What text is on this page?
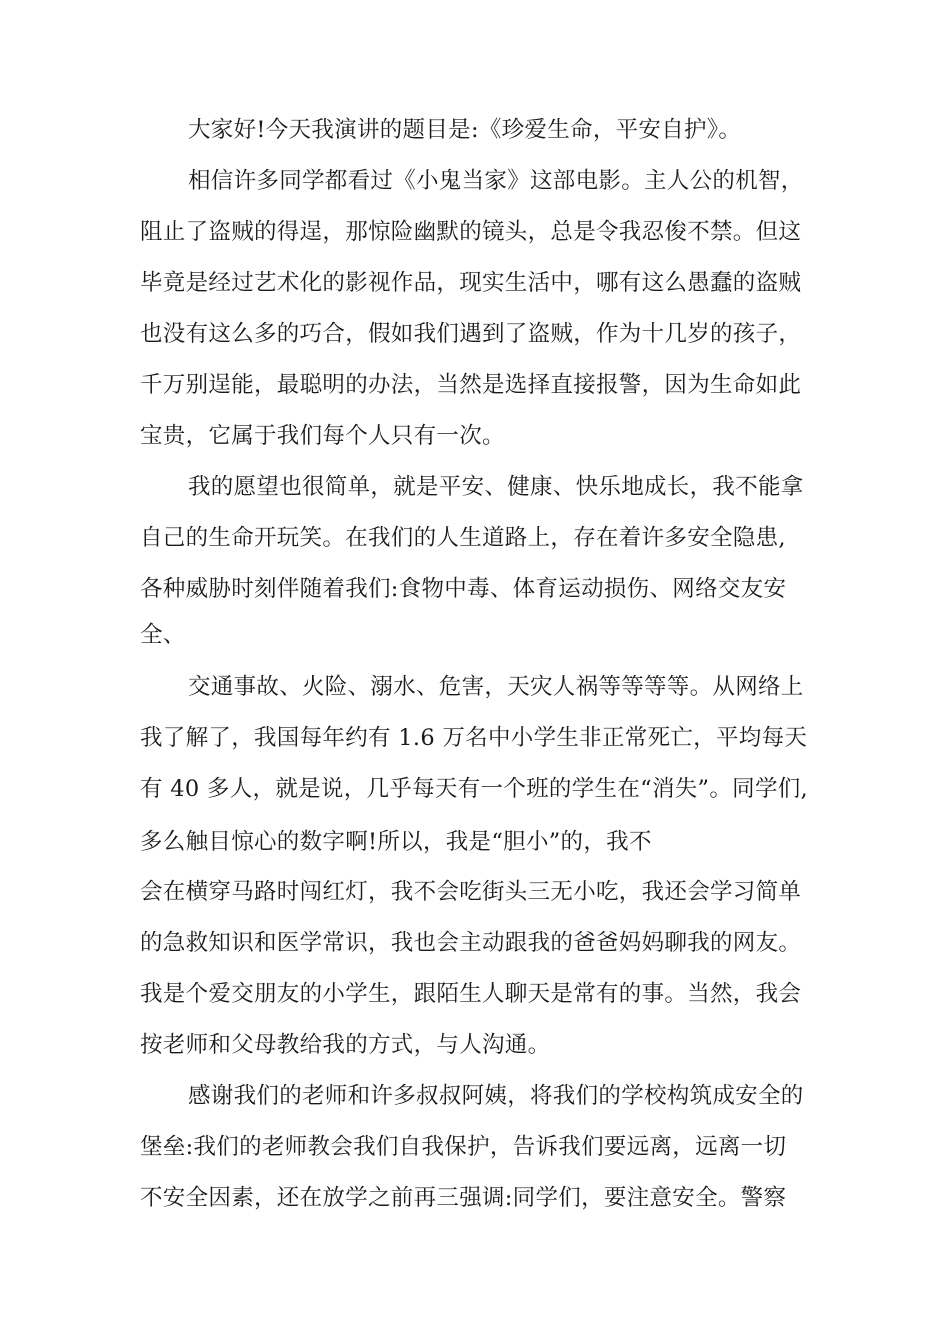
大家好!今天我演讲的题目是:《珍爱生命，平安自护》。

相信许多同学都看过《小鬼当家》这部电影。主人公的机智，

阻止了盗贼的得逞，那惊险幽默的镜头，总是令我忍俊不禁。但这

毕竟是经过艺术化的影视作品，现实生活中，哪有这么愚蠢的盗贼

也没有这么多的巧合，假如我们遇到了盗贼，作为十几岁的孩子，

千万别逞能，最聪明的办法，当然是选择直接报警，因为生命如此

宝贵，它属于我们每个人只有一次。

我的愿望也很简单，就是平安、健康、快乐地成长，我不能拿

自己的生命开玩笑。在我们的人生道路上，存在着许多安全隐患,

各种威胁时刻伴随着我们:食物中毒、体育运动损伤、网络交友安

全、

交通事故、火险、溺水、危害，天灾人祸等等等等。从网络上

我了解了，我国每年约有 1.6 万名中小学生非正常死亡，平均每天

有 40 多人，就是说，几乎每天有一个班的学生在“消失”。同学们,

多么触目惊心的数字啊!所以，我是“胆小”的，我不

会在横穿马路时闯红灯，我不会吃街头三无小吃，我还会学习简单

的急救知识和医学常识，我也会主动跟我的爸爸妈妈聊我的网友。

我是个爱交朋友的小学生，跟陌生人聊天是常有的事。当然，我会

按老师和父母教给我的方式，与人沟通。

感谢我们的老师和许多叔叔阿姨，将我们的学校构筑成安全的

堡垒:我们的老师教会我们自我保护，告诉我们要远离，远离一切

不安全因素，还在放学之前再三强调:同学们，要注意安全。警察
